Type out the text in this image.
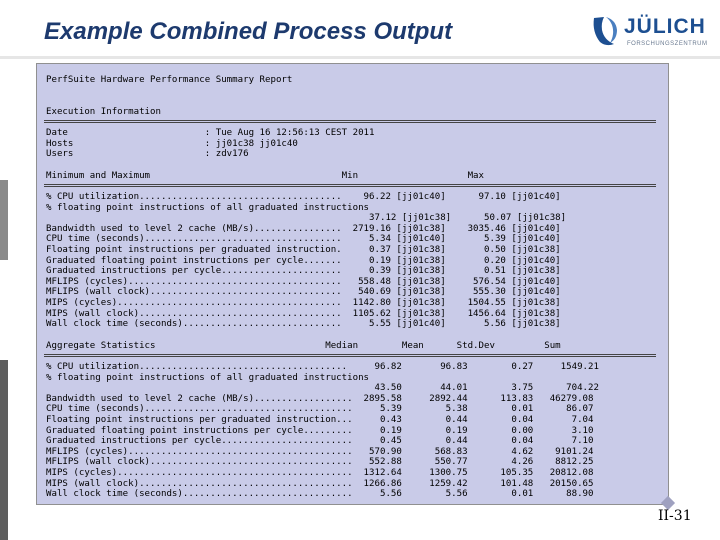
Example Combined Process Output	JÜLICH
FORSCHUNGSZENTRUM
PerfSuite Hardware Performance Summary Report
Execution Information
Date                         : Tue Aug 16 12:56:13 CEST 2011
Hosts                        : jj01c38 jj01c40
Users                        : zdv176
Minimum and Maximum                                   Min                    Max
% CPU utilization.....................................    96.22 [jj01c40]      97.10 [jj01c40]
% floating point instructions of all graduated instructions
37.12 [jj01c38]      50.07 [jj01c38]
Bandwidth used to level 2 cache (MB/s)................  2719.16 [jj01c38]    3035.46 [jj01c40]
CPU time (seconds)....................................     5.34 [jj01c40]       5.39 [jj01c40]
Floating point instructions per graduated instruction.     0.37 [jj01c38]       0.50 [jj01c38]
Graduated floating point instructions per cycle.......     0.19 [jj01c38]       0.20 [jj01c40]
Graduated instructions per cycle......................     0.39 [jj01c38]       0.51 [jj01c38]
MFLIPS (cycles).......................................   558.48 [jj01c38]     576.54 [jj01c40]
MFLIPS (wall clock)...................................   540.69 [jj01c38]     555.30 [jj01c40]
MIPS (cycles).........................................  1142.80 [jj01c38]    1504.55 [jj01c38]
MIPS (wall clock).....................................  1105.62 [jj01c38]    1456.64 [jj01c38]
Wall clock time (seconds).............................     5.55 [jj01c40]       5.56 [jj01c38]
Aggregate Statistics                               Median        Mean      Std.Dev         Sum
% CPU utilization......................................     96.82       96.83        0.27     1549.21
% floating point instructions of all graduated instructions
43.50       44.01        3.75      704.22
Bandwidth used to level 2 cache (MB/s)..................  2895.58     2892.44      113.83   46279.08
CPU time (seconds)......................................     5.39        5.38        0.01      86.07
Floating point instructions per graduated instruction...     0.43        0.44        0.04       7.04
Graduated floating point instructions per cycle.........     0.19        0.19        0.00       3.10
Graduated instructions per cycle........................     0.45        0.44        0.04       7.10
MFLIPS (cycles).........................................   570.90      568.83        4.62    9101.24
MFLIPS (wall clock).....................................   552.88      550.77        4.26    8812.25
MIPS (cycles)...........................................  1312.64     1300.75      105.35   20812.08
MIPS (wall clock).......................................  1266.86     1259.42      101.48   20150.65
Wall clock time (seconds)...............................     5.56        5.56        0.01      88.90
II-31
